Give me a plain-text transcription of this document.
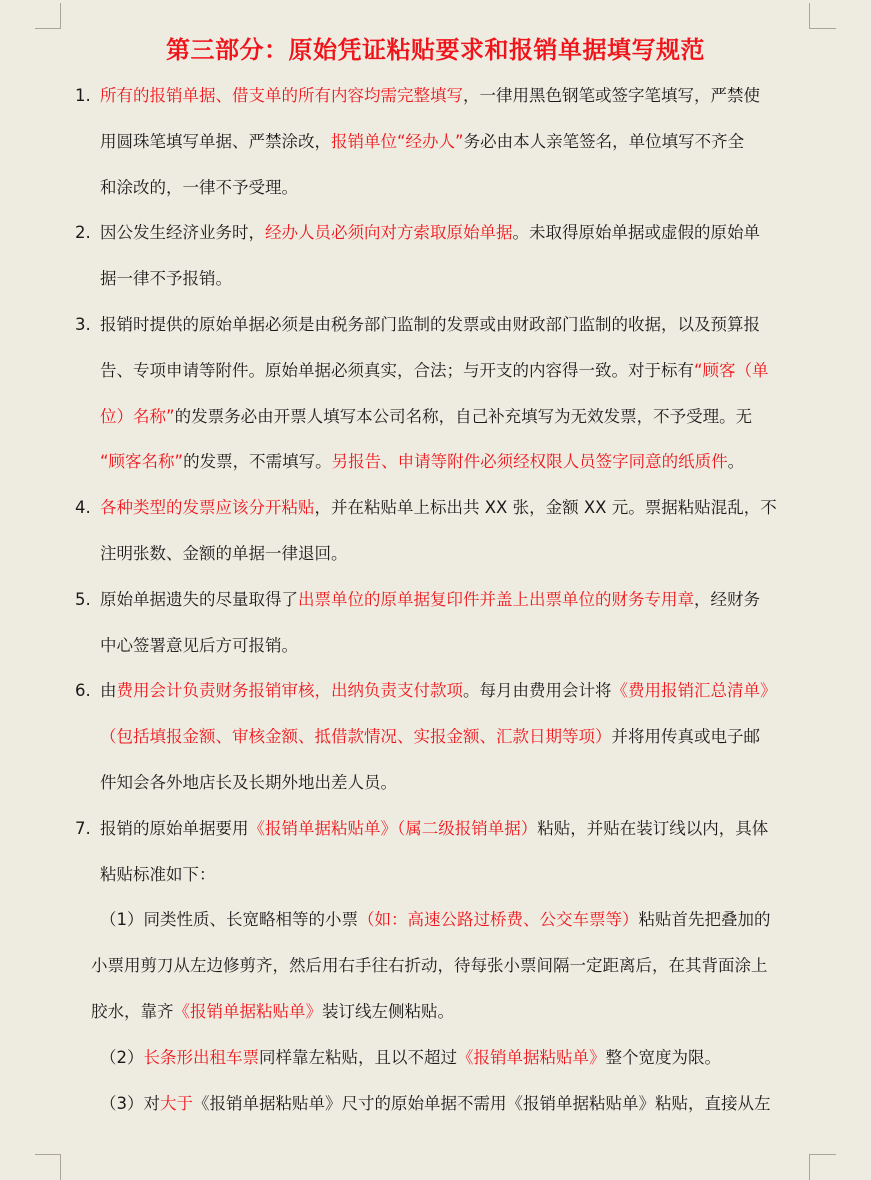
第三部分：原始凭证粘贴要求和报销单据填写规范
1. 所有的报销单据、借支单的所有内容均需完整填写，一律用黑色钢笔或签字笔填写，严禁使
用圆珠笔填写单据、严禁涂改，报销单位“经办人”务必由本人亲笔签名，单位填写不齐全
和涂改的，一律不予受理。
2. 因公发生经济业务时，经办人员必须向对方索取原始单据。未取得原始单据或虚假的原始单
据一律不予报销。
3. 报销时提供的原始单据必须是由税务部门监制的发票或由财政部门监制的收据，以及预算报
告、专项申请等附件。原始单据必须真实，合法；与开支的内容得一致。对于标有“顾客（单
位）名称”的发票务必由开票人填写本公司名称，自己补充填写为无效发票，不予受理。无
“顾客名称”的发票，不需填写。另报告、申请等附件必须经权限人员签字同意的纸质件。
4. 各种类型的发票应该分开粘贴，并在粘贴单上标出共 XX 张，金额 XX 元。票据粘贴混乱，不
注明张数、金额的单据一律退回。
5. 原始单据遗失的尽量取得了出票单位的原单据复印件并盖上出票单位的财务专用章，经财务
中心签署意见后方可报销。
6. 由费用会计负责财务报销审核，出纳负责支付款项。每月由费用会计将《费用报销汇总清单》
（包括填报金额、审核金额、抵借款情况、实报金额、汇款日期等项）并将用传真或电子邮
件知会各外地店长及长期外地出差人员。
7. 报销的原始单据要用《报销单据粘贴单》（属二级报销单据）粘贴，并贴在装订线以内，具体
粘贴标准如下：
（1）同类性质、长宽略相等的小票（如：高速公路过桥费、公交车票等）粘贴首先把叠加的
小票用剪刀从左边修剪齐，然后用右手往右折动，待每张小票间隔一定距离后，在其背面涂上
胶水，靠齐《报销单据粘贴单》装订线左侧粘贴。
（2）长条形出租车票同样靠左粘贴，且以不超过《报销单据粘贴单》整个宽度为限。
（3）对大于《报销单据粘贴单》尺寸的原始单据不需用《报销单据粘贴单》粘贴，直接从左
